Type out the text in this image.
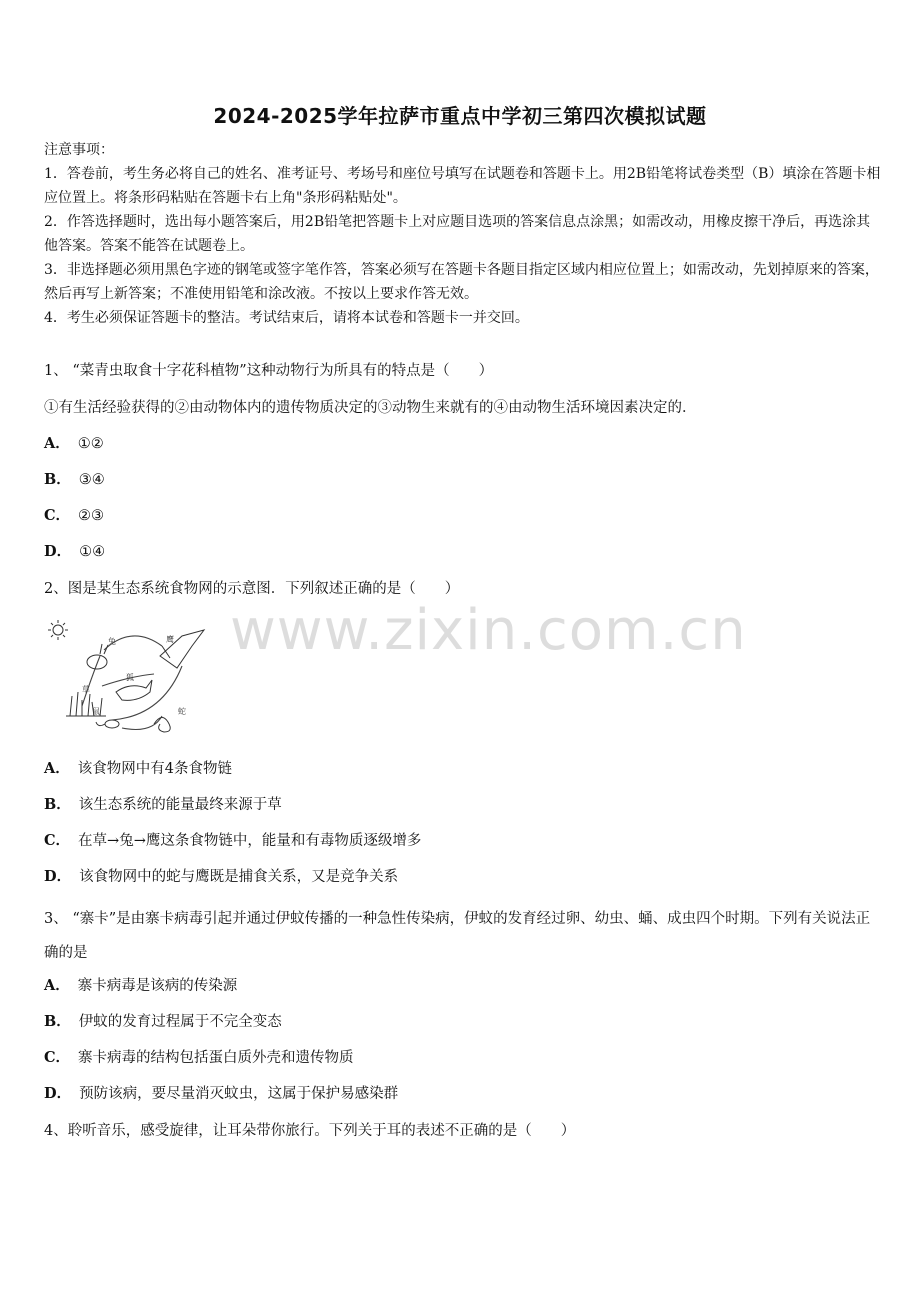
2024-2025学年拉萨市重点中学初三第四次模拟试题

注意事项：

1．答卷前，考生务必将自己的姓名、准考证号、考场号和座位号填写在试题卷和答题卡上。用2B铅笔将试卷类型（B）填涂在答题卡相应位置上。将条形码粘贴在答题卡右上角"条形码粘贴处"。

2．作答选择题时，选出每小题答案后，用2B铅笔把答题卡上对应题目选项的答案信息点涂黑；如需改动，用橡皮擦干净后，再选涂其他答案。答案不能答在试题卷上。

3．非选择题必须用黑色字迹的钢笔或签字笔作答，答案必须写在答题卡各题目指定区域内相应位置上；如需改动，先划掉原来的答案，然后再写上新答案；不准使用铅笔和涂改液。不按以上要求作答无效。

4．考生必须保证答题卡的整洁。考试结束后，请将本试卷和答题卡一并交回。

1、 “菜青虫取食十字花科植物”这种动物行为所具有的特点是（　　）
①有生活经验获得的②由动物体内的遗传物质决定的③动物生来就有的④由动物生活环境因素决定的．
A． ①②
B． ③④
C． ②③
D． ①④
2、图是某生态系统食物网的示意图．下列叙述正确的是（　　）
兔	鹰
草
狐
鼠	蛇
www.zixin.com.cn
A． 该食物网中有4条食物链
B． 该生态系统的能量最终来源于草
C． 在草→兔→鹰这条食物链中，能量和有毒物质逐级增多
D． 该食物网中的蛇与鹰既是捕食关系，又是竞争关系
3、 “寨卡”是由寨卡病毒引起并通过伊蚊传播的一种急性传染病，伊蚊的发育经过卵、幼虫、蛹、成虫四个时期。下列有关说法正确的是
A． 寨卡病毒是该病的传染源
B． 伊蚊的发育过程属于不完全变态
C． 寨卡病毒的结构包括蛋白质外壳和遗传物质
D． 预防该病，要尽量消灭蚊虫，这属于保护易感染群
4、聆听音乐，感受旋律，让耳朵带你旅行。下列关于耳的表述不正确的是（　　）
